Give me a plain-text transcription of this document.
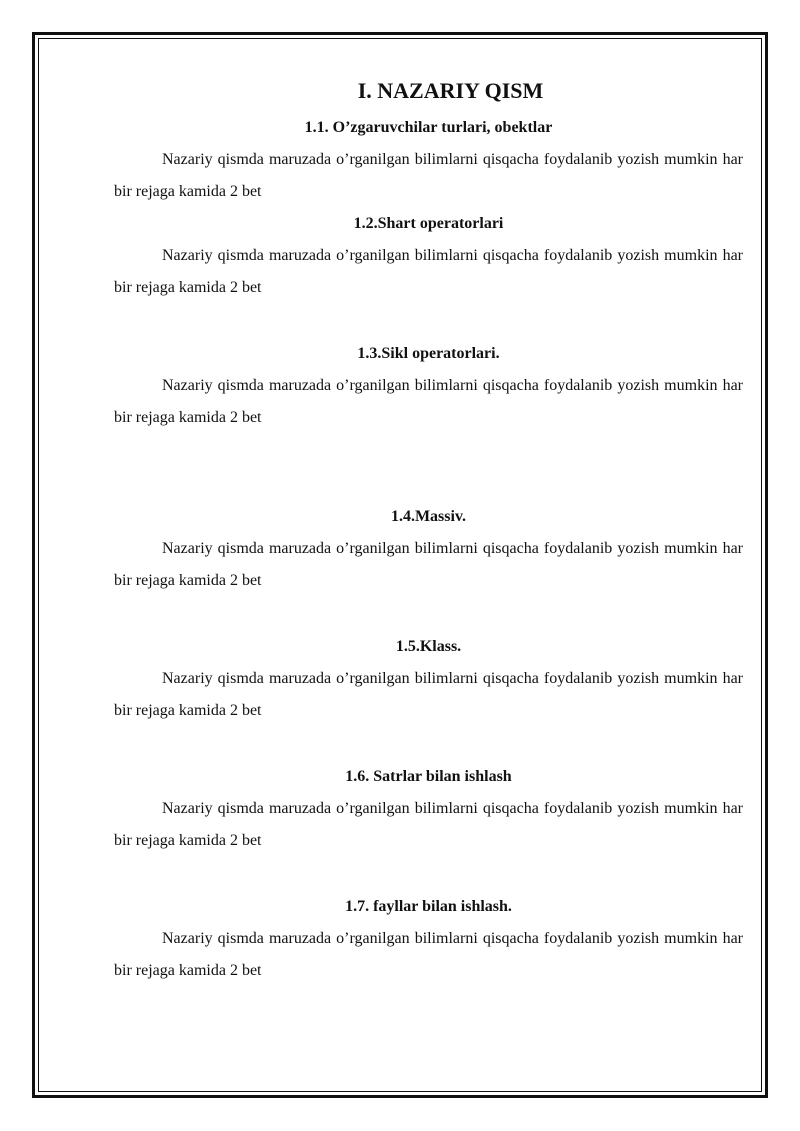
I. NAZARIY QISM

1.1. O’zgaruvchilar turlari, obektlar

Nazariy qismda maruzada o’rganilgan bilimlarni qisqacha foydalanib yozish mumkin har bir rejaga kamida 2 bet

1.2.Shart operatorlari

Nazariy qismda maruzada o’rganilgan bilimlarni qisqacha foydalanib yozish mumkin har bir rejaga kamida 2 bet

1.3.Sikl operatorlari.

Nazariy qismda maruzada o’rganilgan bilimlarni qisqacha foydalanib yozish mumkin har bir rejaga kamida 2 bet

1.4.Massiv.

Nazariy qismda maruzada o’rganilgan bilimlarni qisqacha foydalanib yozish mumkin har bir rejaga kamida 2 bet

1.5.Klass.

Nazariy qismda maruzada o’rganilgan bilimlarni qisqacha foydalanib yozish mumkin har bir rejaga kamida 2 bet

1.6. Satrlar bilan ishlash

Nazariy qismda maruzada o’rganilgan bilimlarni qisqacha foydalanib yozish mumkin har bir rejaga kamida 2 bet

1.7. fayllar bilan ishlash.

Nazariy qismda maruzada o’rganilgan bilimlarni qisqacha foydalanib yozish mumkin har bir rejaga kamida 2 bet
